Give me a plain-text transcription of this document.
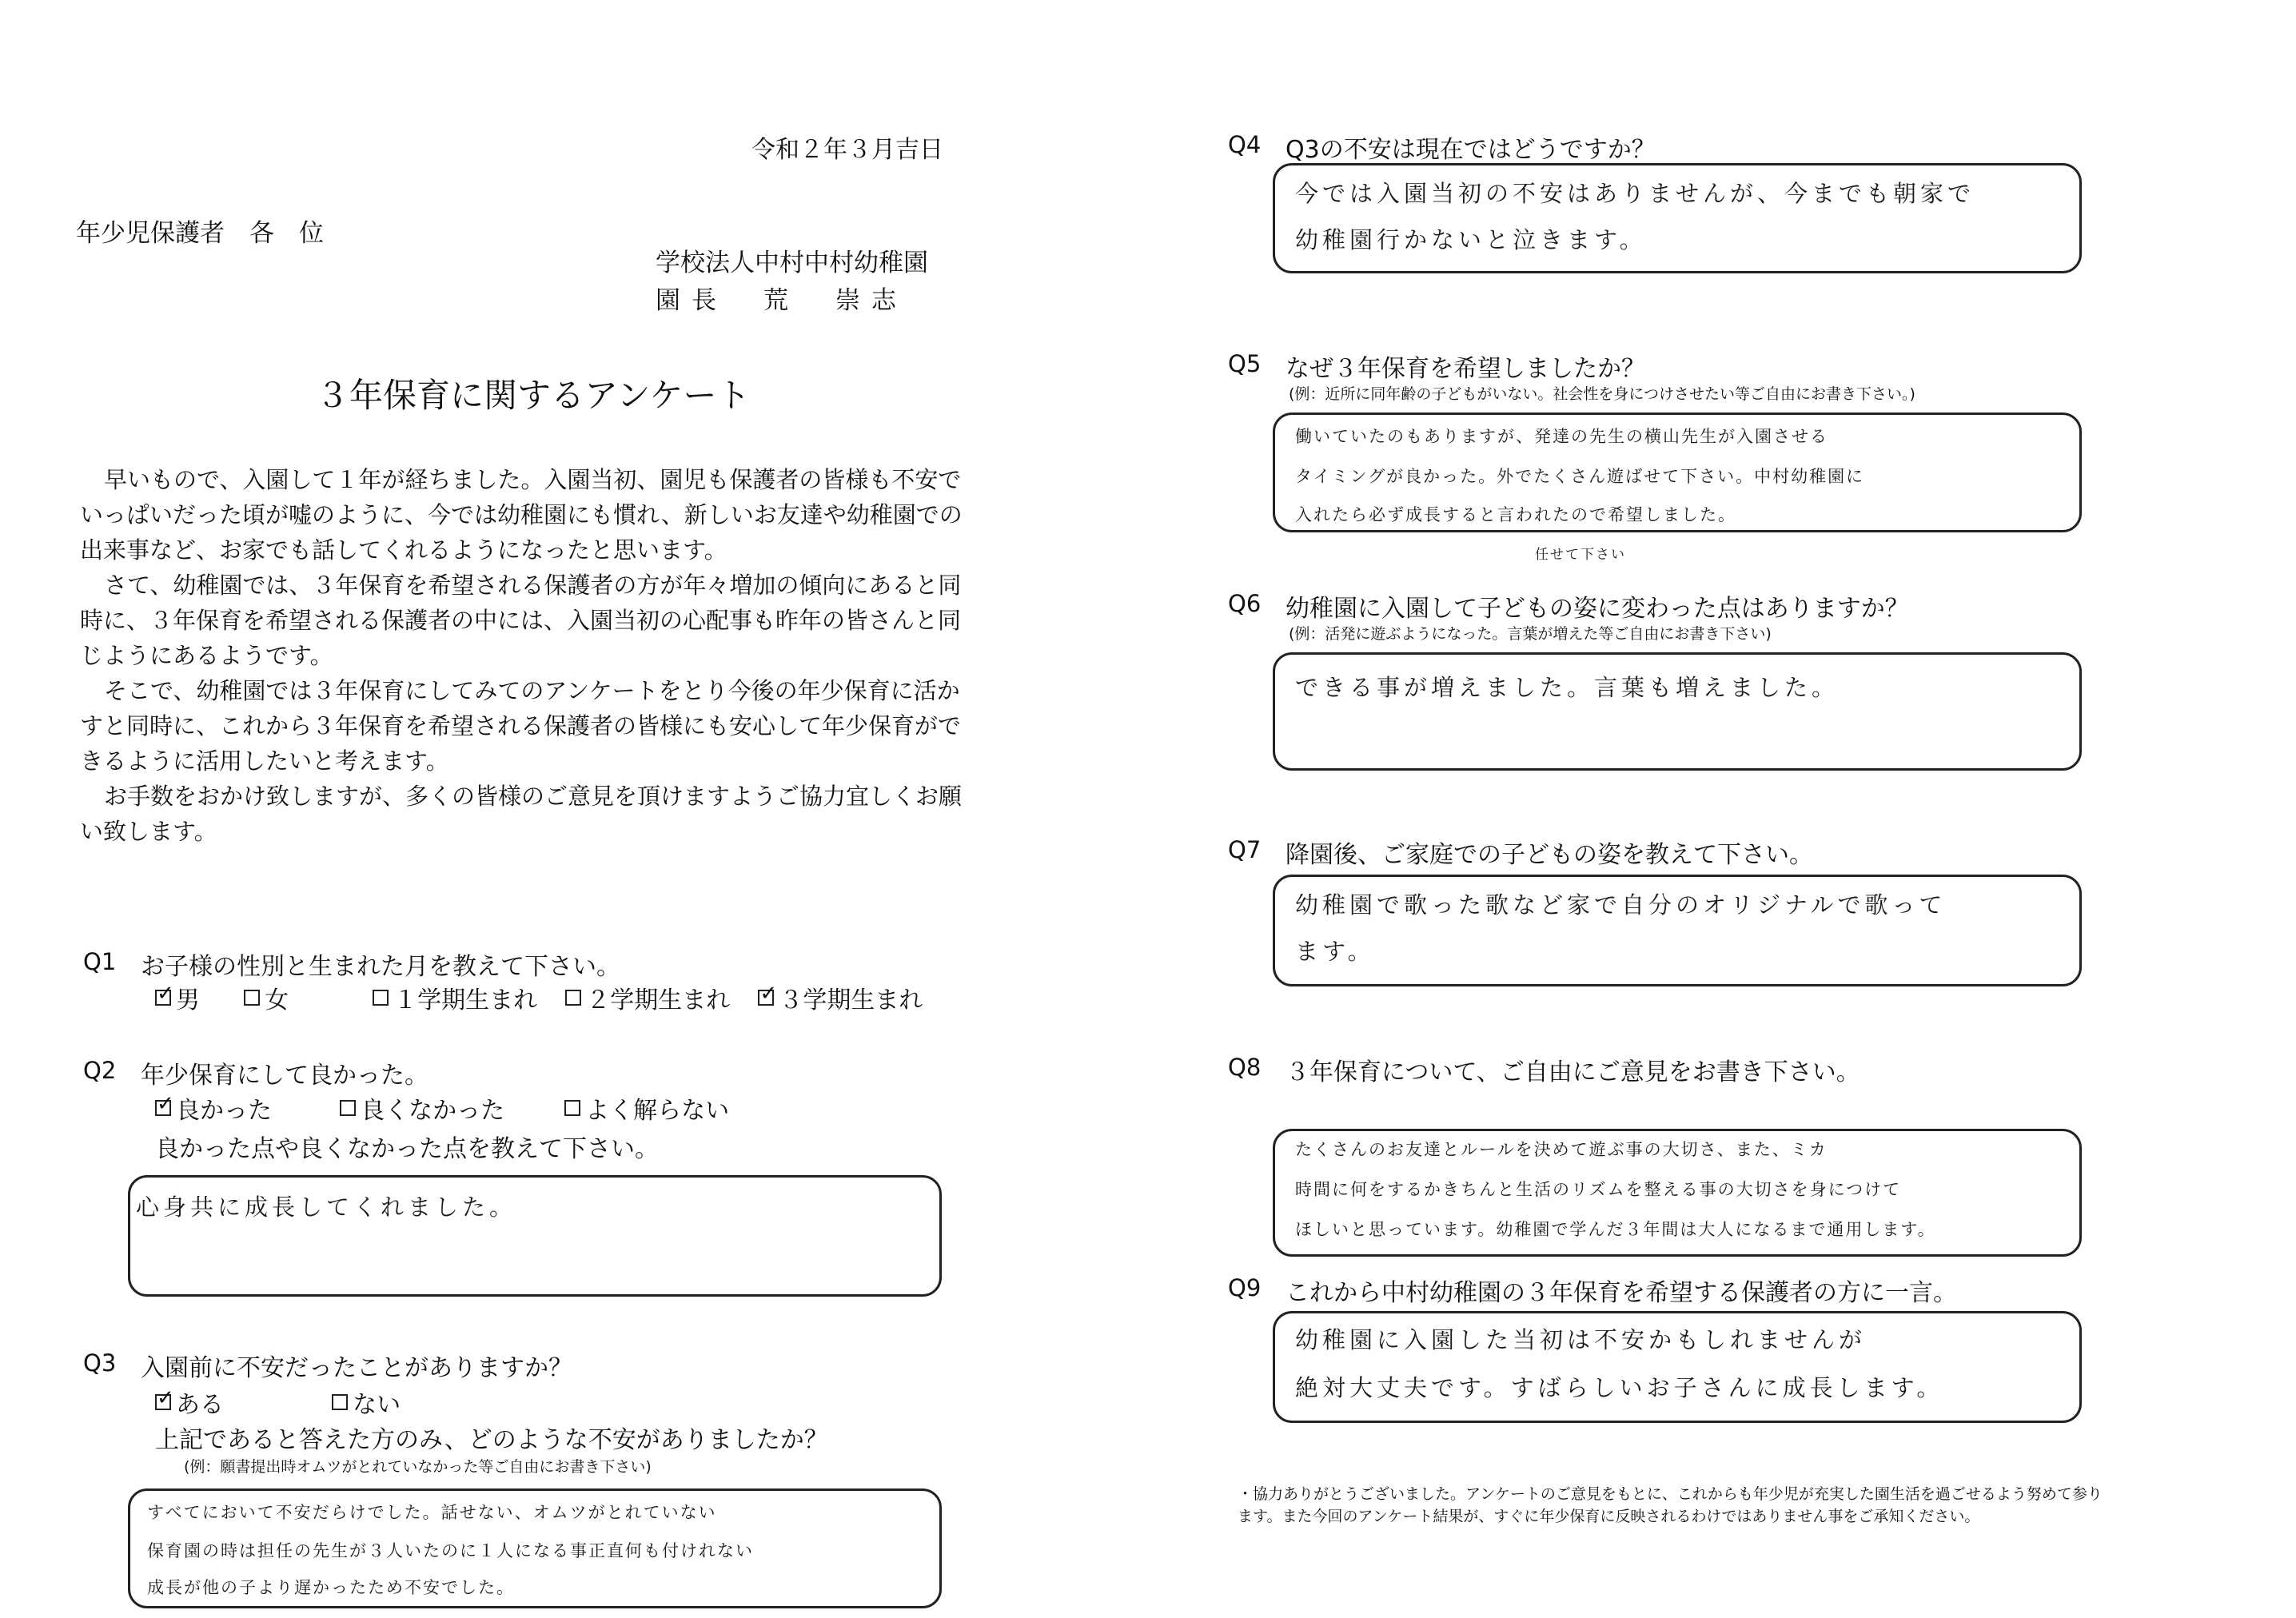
令和２年３月吉日
年少児保護者　各　位
学校法人中村中村幼稚園
園長　荒　崇志
３年保育に関するアンケート

早いもので、入園して１年が経ちました。入園当初、園児も保護者の皆様も不安でいっぱいだった頃が嘘のように、今では幼稚園にも慣れ、新しいお友達や幼稚園での出来事など、お家でも話してくれるようになったと思います。

さて、幼稚園では、３年保育を希望される保護者の方が年々増加の傾向にあると同時に、３年保育を希望される保護者の中には、入園当初の心配事も昨年の皆さんと同じようにあるようです。

そこで、幼稚園では３年保育にしてみてのアンケートをとり今後の年少保育に活かすと同時に、これから３年保育を希望される保護者の皆様にも安心して年少保育ができるように活用したいと考えます。

お手数をおかけ致しますが、多くの皆様のご意見を頂けますようご協力宜しくお願い致します。

Q1 お子様の性別と生まれた月を教えて下さい。
✓
男
	女
	１学期生まれ
２学期生まれ

✓ ３学期生まれ
Q2 年少保育にして良かった。
✓
良かった
	良くなかった
	よく解らない
良かった点や良くなかった点を教えて下さい。
心身共に成長してくれました。
Q3 入園前に不安だったことがありますか？
✓
ある
	ない
上記であると答えた方のみ、どのような不安がありましたか？
(例：願書提出時オムツがとれていなかった等ご自由にお書き下さい)
すべてにおいて不安だらけでした。話せない、オムツがとれていない
保育園の時は担任の先生が３人いたのに１人になる事正直何も付けれない
成長が他の子より遅かったため不安でした。
Q4 Q3の不安は現在ではどうですか？
今では入園当初の不安はありませんが、今までも朝家で
幼稚園行かないと泣きます。
Q5 なぜ３年保育を希望しましたか？
(例：近所に同年齢の子どもがいない。社会性を身につけさせたい等ご自由にお書き下さい。)
働いていたのもありますが、発達の先生の横山先生が入園させる
タイミングが良かった。外でたくさん遊ばせて下さい。中村幼稚園に
入れたら必ず成長すると言われたので希望しました。
任せて下さい
Q6 幼稚園に入園して子どもの姿に変わった点はありますか？
(例：活発に遊ぶようになった。言葉が増えた等ご自由にお書き下さい)
できる事が増えました。言葉も増えました。
Q7 降園後、ご家庭での子どもの姿を教えて下さい。
幼稚園で歌った歌など家で自分のオリジナルで歌って
ます。
Q8 ３年保育について、ご自由にご意見をお書き下さい。
たくさんのお友達とルールを決めて遊ぶ事の大切さ、また、ミカ
時間に何をするかきちんと生活のリズムを整える事の大切さを身につけて
ほしいと思っています。幼稚園で学んだ３年間は大人になるまで通用します。
Q9 これから中村幼稚園の３年保育を希望する保護者の方に一言。
幼稚園に入園した当初は不安かもしれませんが
絶対大丈夫です。すばらしいお子さんに成長します。

・協力ありがとうございました。アンケートのご意見をもとに、これからも年少児が充実した園生活を過ごせるよう努めて参ります。また今回のアンケート結果が、すぐに年少保育に反映されるわけではありません事をご承知ください。
